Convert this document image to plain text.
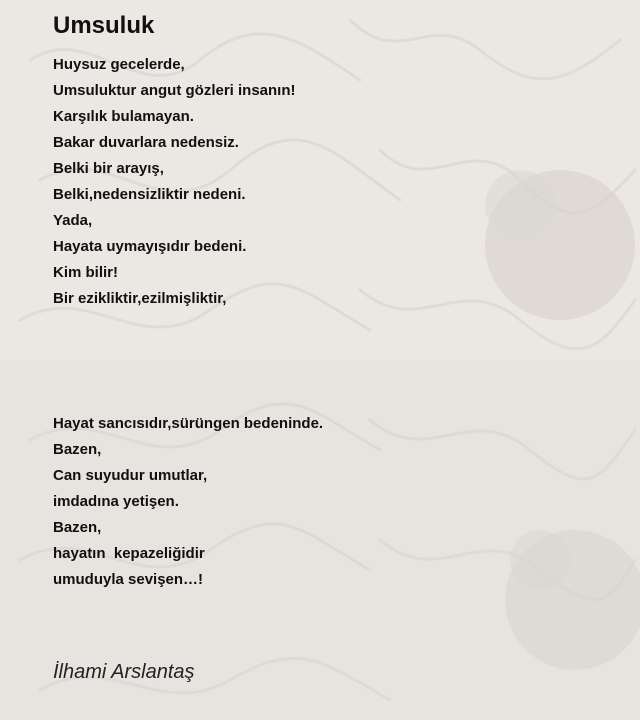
Umsuluk
Huysuz gecelerde,
Umsuluktur angut gözleri insanın!
Karşılık bulamayan.
Bakar duvarlara nedensiz.
Belki bir arayış,
Belki,nedensizliktir nedeni.
Yada,
Hayata uymayışıdır bedeni.
Kim bilir!
Bir ezikliktir,ezilmişliktir,
Hayat sancısıdır,sürüngen bedeninde.
Bazen,
Can suyudur umutlar,
imdadına yetişen.
Bazen,
hayatın  kepazeliğidir
umuduyla sevişen…!

İlhami Arslantaş
